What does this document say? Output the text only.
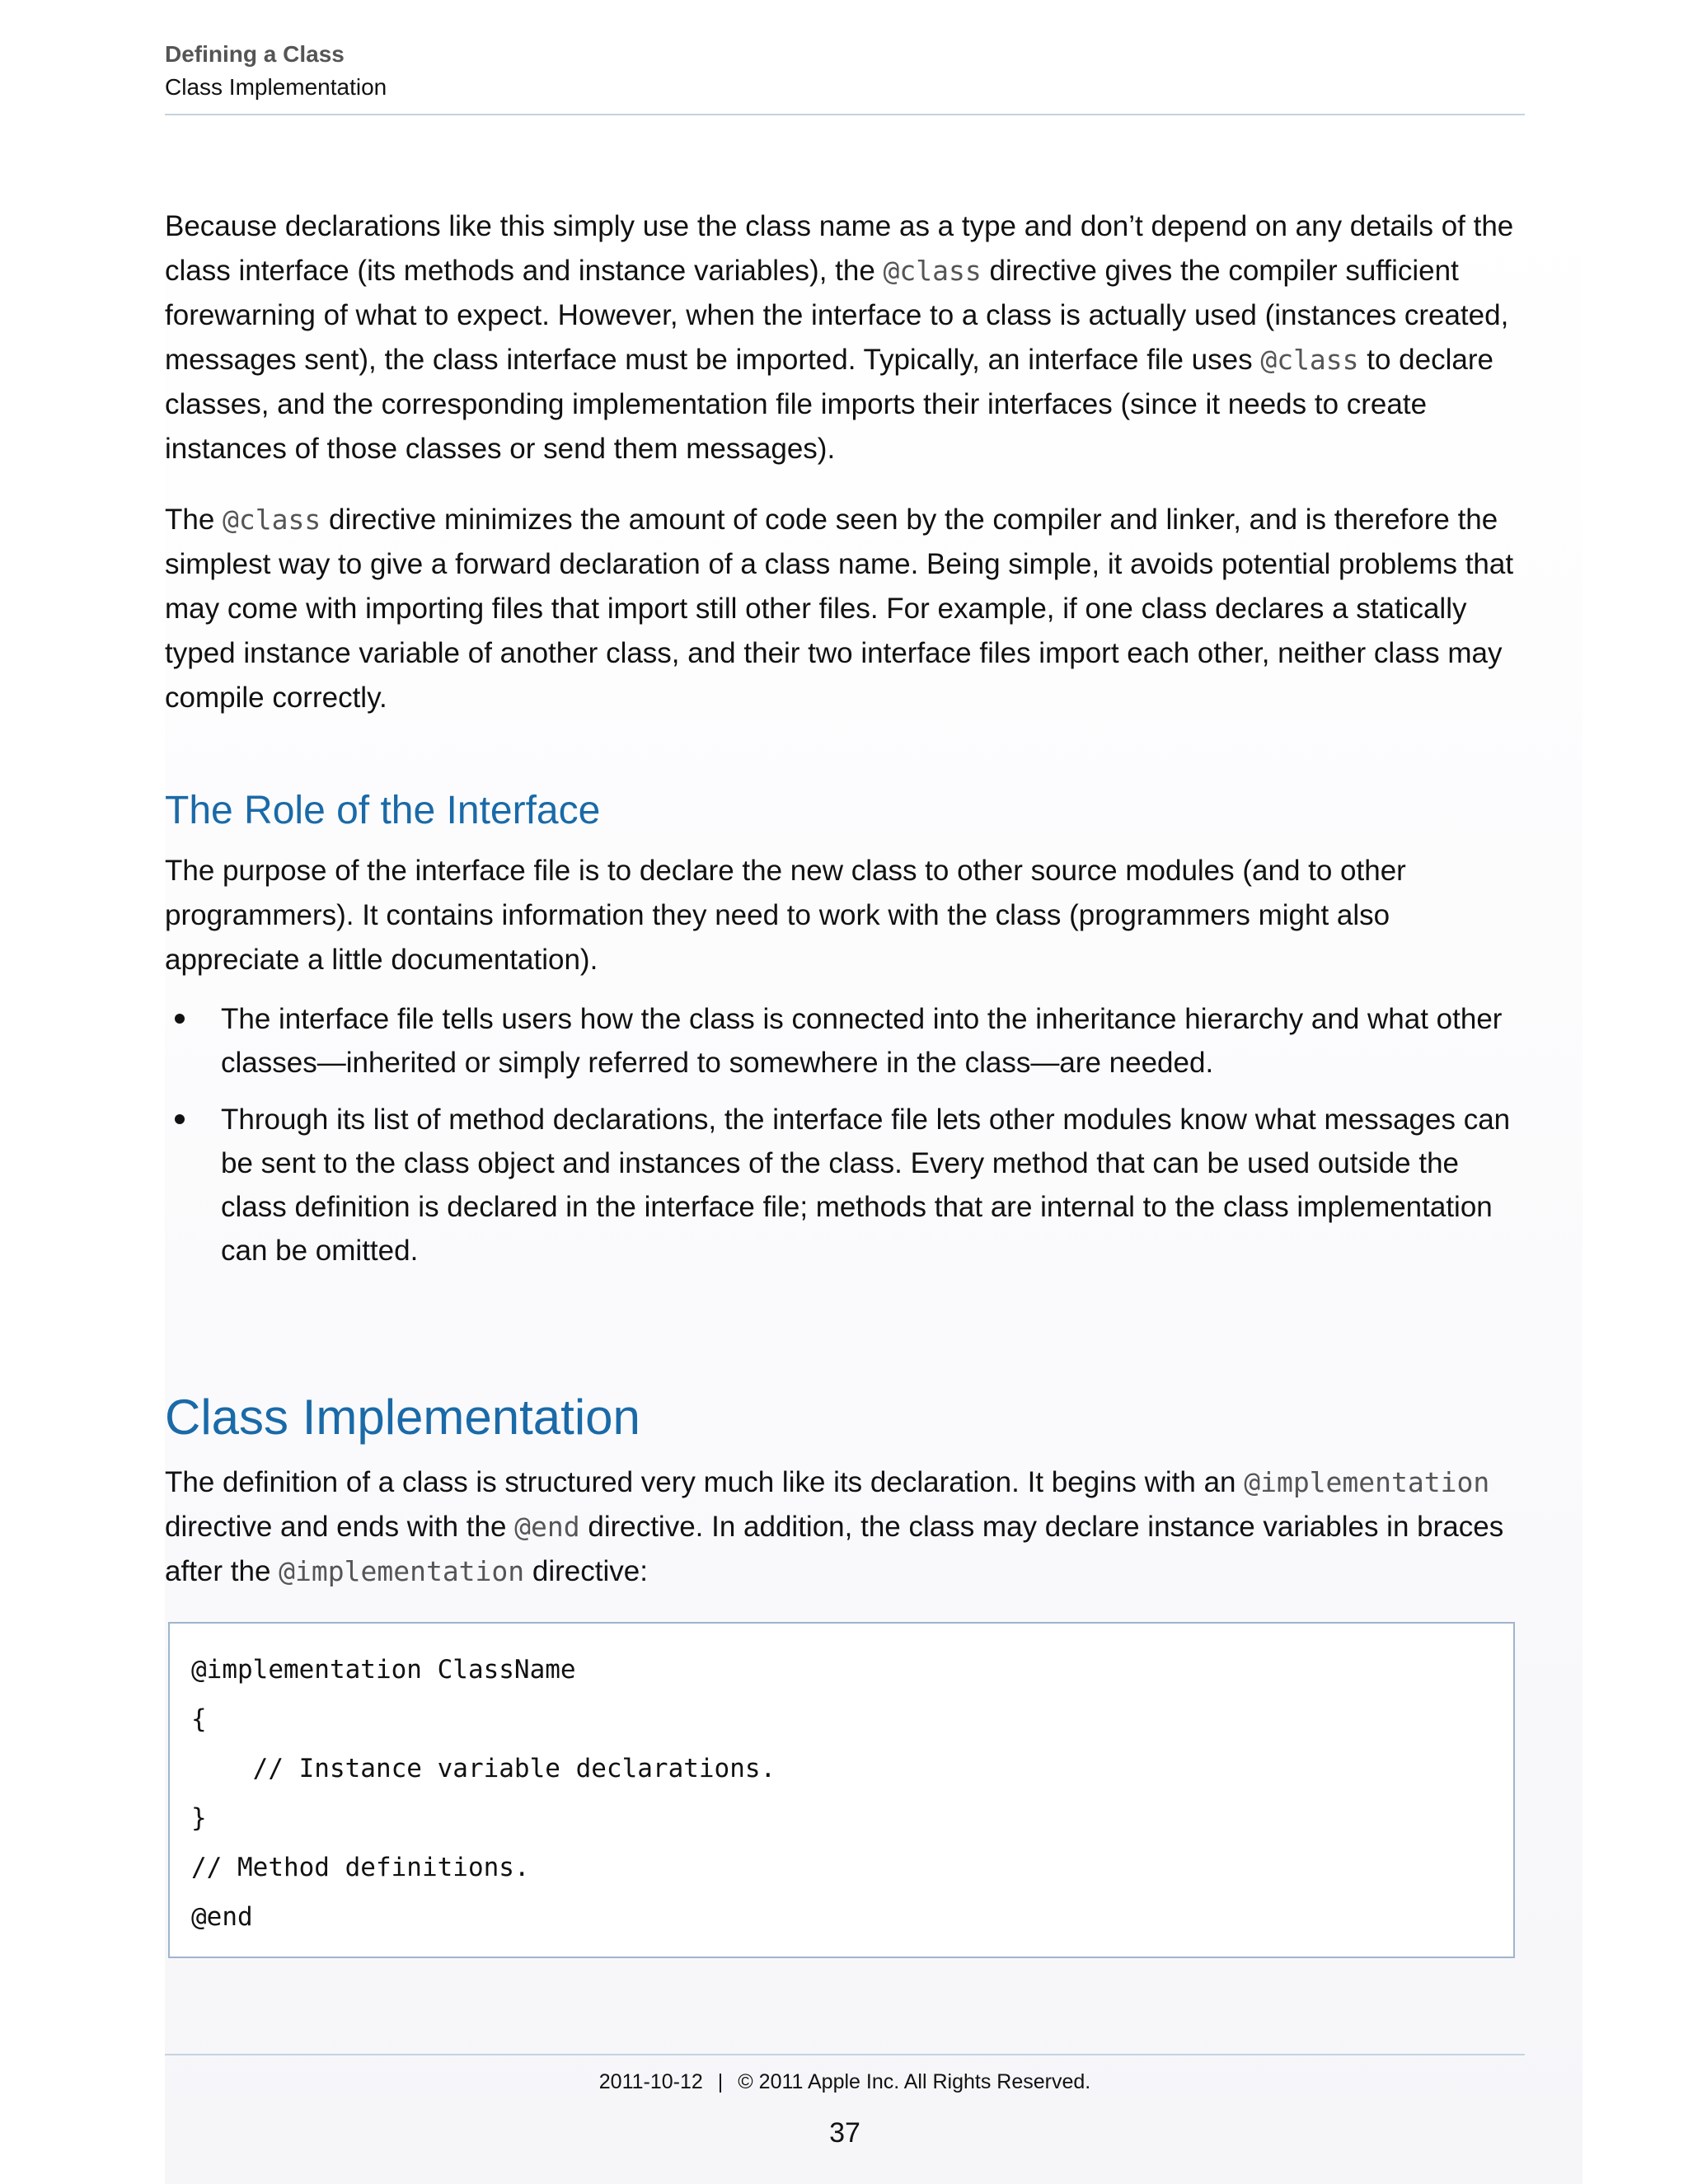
Defining a Class
Class Implementation

Because declarations like this simply use the class name as a type and don’t depend on any details of the class interface (its methods and instance variables), the @class directive gives the compiler sufficient forewarning of what to expect. However, when the interface to a class is actually used (instances created, messages sent), the class interface must be imported. Typically, an interface file uses @class to declare classes, and the corresponding implementation file imports their interfaces (since it needs to create instances of those classes or send them messages).

The @class directive minimizes the amount of code seen by the compiler and linker, and is therefore the simplest way to give a forward declaration of a class name. Being simple, it avoids potential problems that may come with importing files that import still other files. For example, if one class declares a statically typed instance variable of another class, and their two interface files import each other, neither class may compile correctly.

The Role of the Interface

The purpose of the interface file is to declare the new class to other source modules (and to other programmers). It contains information they need to work with the class (programmers might also appreciate a little documentation).

The interface file tells users how the class is connected into the inheritance hierarchy and what other classes—inherited or simply referred to somewhere in the class—are needed.
Through its list of method declarations, the interface file lets other modules know what messages can be sent to the class object and instances of the class. Every method that can be used outside the class definition is declared in the interface file; methods that are internal to the class implementation can be omitted.
Class Implementation

The definition of a class is structured very much like its declaration. It begins with an @implementation directive and ends with the @end directive. In addition, the class may declare instance variables in braces after the @implementation directive:

@implementation ClassName
{
// Instance variable declarations.
}
// Method definitions.
@end
2011-10-12 | © 2011 Apple Inc. All Rights Reserved.
37
